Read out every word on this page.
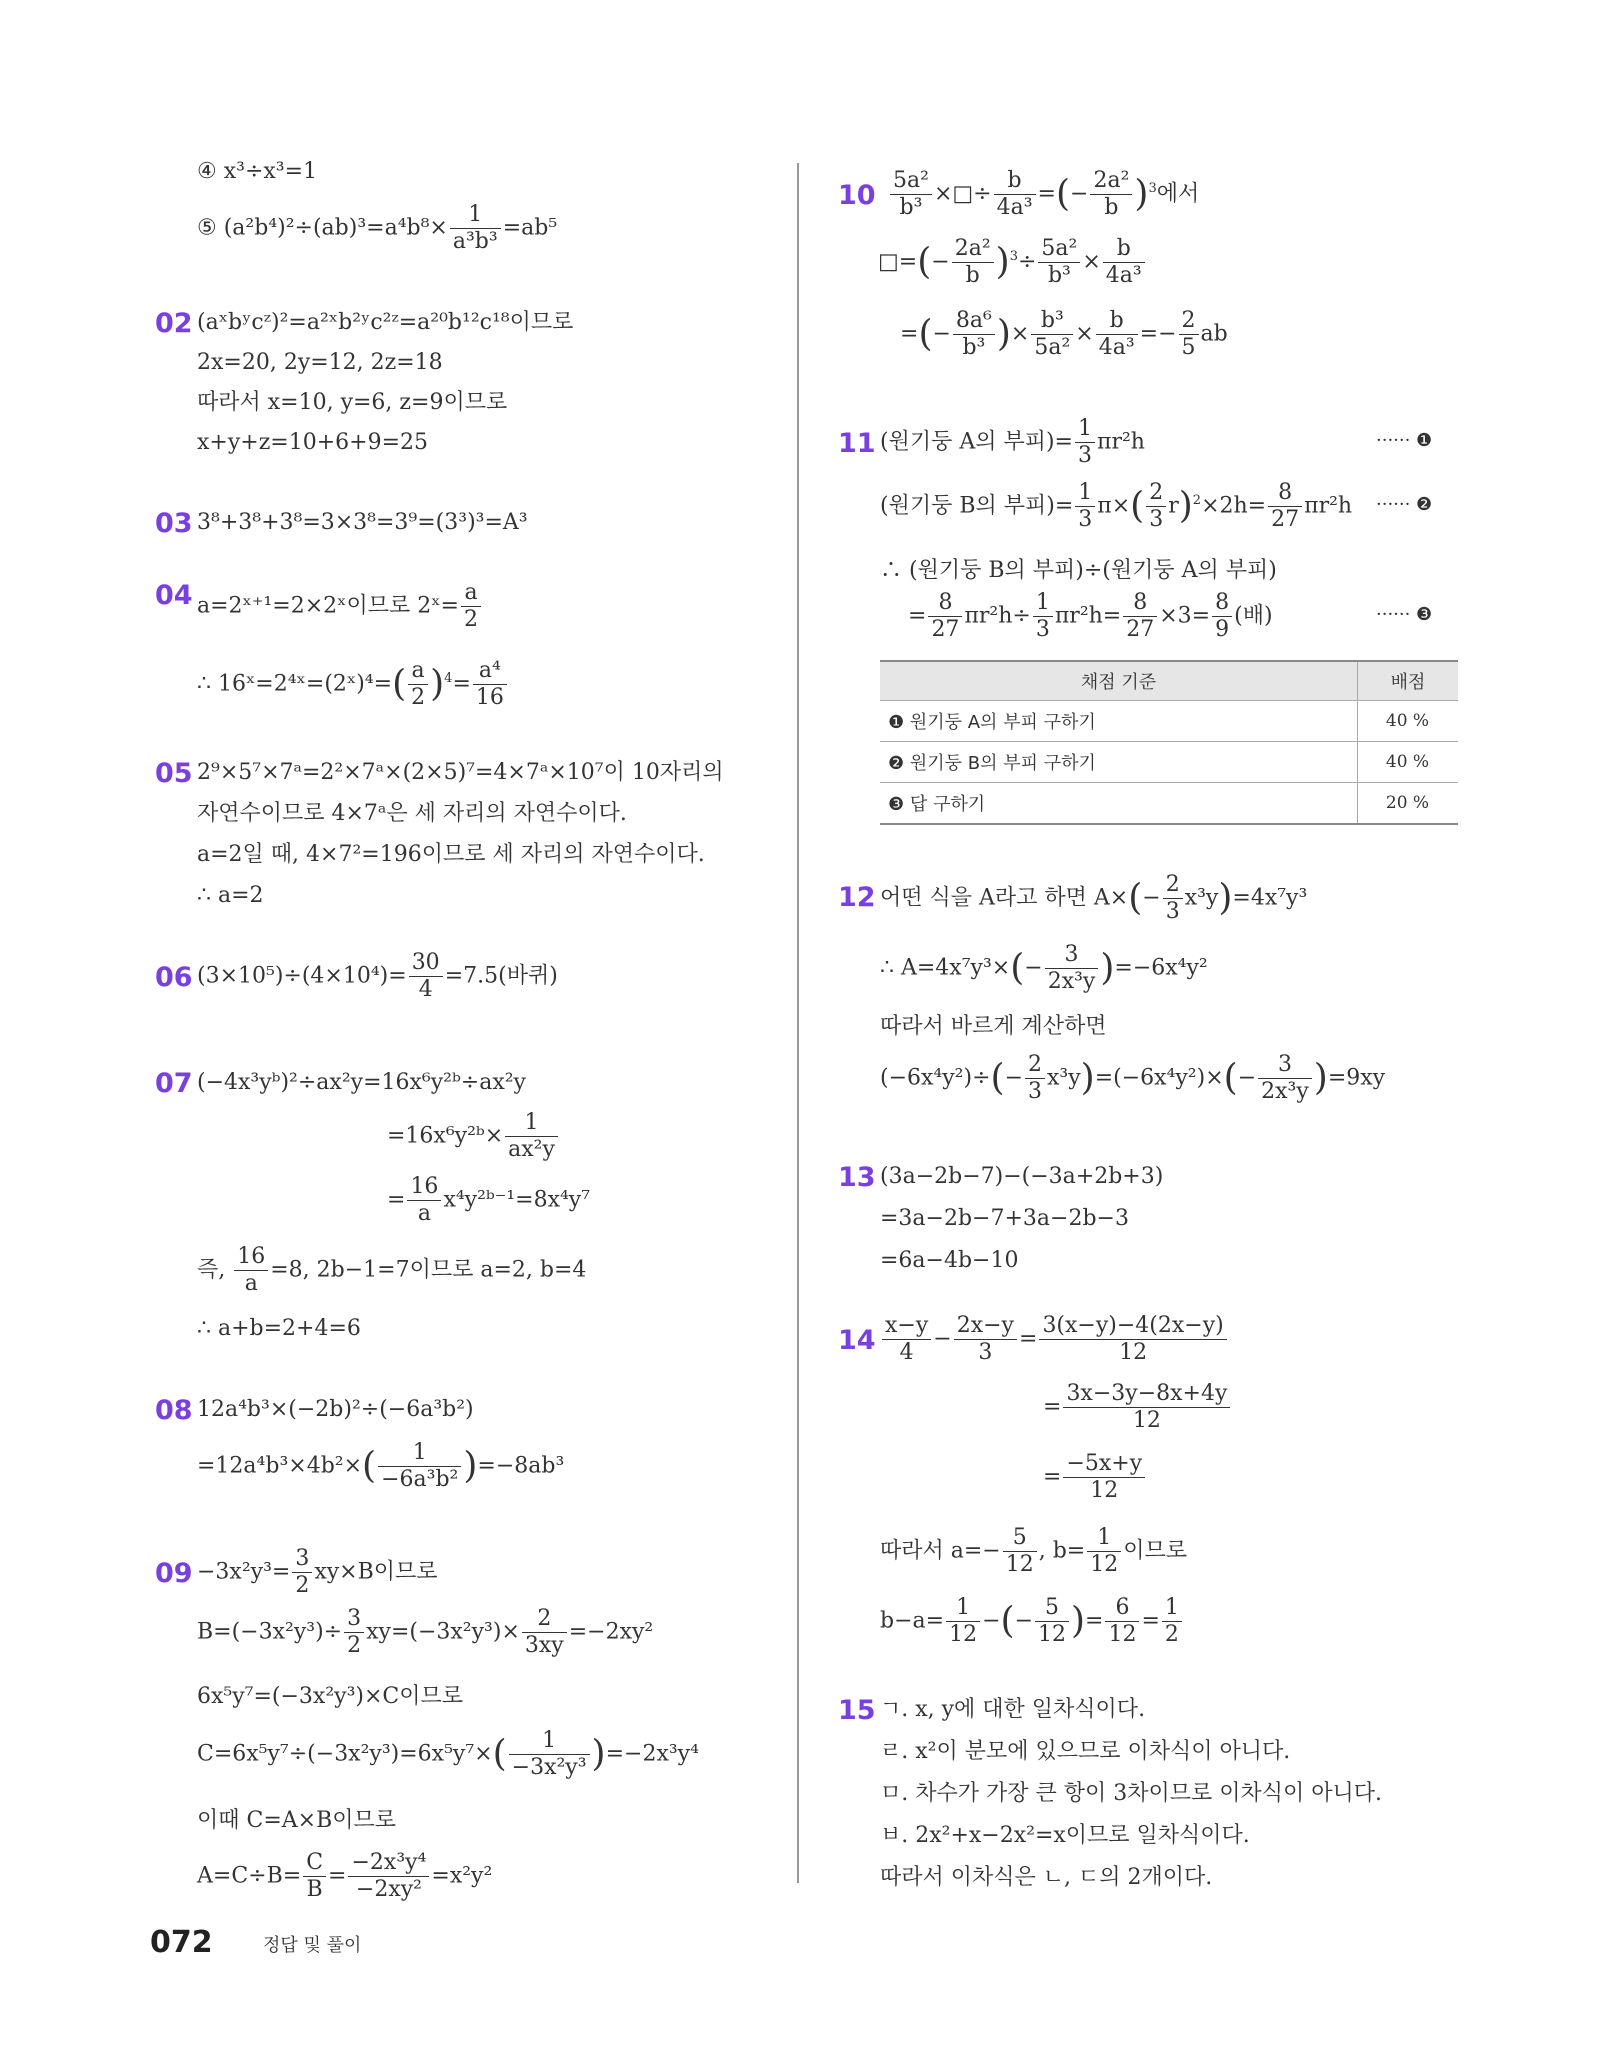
④ x³÷x³=1
⑤ $(a^2b^4)^2\div(ab)^3=a^4b^8\times \frac{1}{\text{a³b³}} =ab^5$
02 (aˣbʸcᶻ)²=a²ˣb²ʸc²ᶻ=a²⁰b¹²c¹⁸이므로
2x=20, 2y=12, 2z=18
따라서 x=10, y=6, z=9이므로
x+y+z=10+6+9=25
03 3⁸+3⁸+3⁸=3×3⁸=3⁹=(3³)³=A³
04 a=2ˣ⁺¹=2×2ˣ이므로 2ˣ= $\frac{a}{2}$
∴ 16ˣ=2⁴ˣ=(2ˣ)⁴=( $\frac{a}{2} )^4= \frac{\text{a⁴}}{16}$
05 2⁹×5⁷×7ᵃ=2²×7ᵃ×(2×5)⁷=4×7ᵃ×10⁷이 10자리의
자연수이므로 4×7ᵃ은 세 자리의 자연수이다.
a=2일 때, 4×7²=196이므로 세 자리의 자연수이다.
∴ a=2
06 $(3\times 10^5)\div(4\times 10^4)= \frac{30}{4} =7.5$(바퀴)
07 (−4x³yᵇ)²÷ax²y=16x⁶y²ᵇ÷ax²y
=16x⁶y²ᵇ× $\frac{1}{\text{ax²y}}$
= $\frac{16}{a}$ x⁴y²ᵇ⁻¹=8x⁴y⁷
즉, $\frac{16}{a} =8$, 2b−1=7이므로 a=2, b=4
∴ a+b=2+4=6
08 12a⁴b³×(−2b)²÷(−6a³b²)
$=12a^4b^3\times 4b^2\times( \frac{1}{\text{−6a³b²}} )=-8ab^3$
$09 -3x^2y^3= \frac{3}{2} xy\times B$이므로
$B=(-3x^2y^3)\div \frac{3}{2} xy=(-3x^2y^3)\times \frac{2}{3xy} =-2xy^2$
6x⁵y⁷=(−3x²y³)×C이므로
$C=6x^5y^7\div(-3x^2y^3)=6x^5y^7\times( \frac{1}{\text{−3x²y³}} )=-2x^3y^4$
이때 C=A×B이므로
$A=C\div B= \frac{C}{B} = \frac{\text{−2x³y⁴}}{\text{−2xy²}} =x^2y^2$
$10 \frac{\text{5a²}}{\text{b³}}$ ×□÷ $\frac{b}{\text{4a³}}$ =(− $\frac{\text{2a²}}{b} )^3$에서
□=(− $\frac{\text{2a²}}{b} )^3\div \frac{\text{5a²}}{\text{b³}} \times \frac{b}{\text{4a³}}$
=(− $\frac{\text{8a⁶}}{\text{b³}}$ )× $\frac{\text{b³}}{\text{5a²}} \times \frac{b}{\text{4a³}} =- \frac{2}{5}$ ab
11 (원기둥 A의 부피)= $\frac{1}{3} \pi r^2h$	······ ❶
(원기둥 B의 부피)= $\frac{1}{3} \pi\times( \frac{2}{3} r)^2\times 2h= \frac{8}{27} \pi r^2h$ ······ ❷
∴ (원기둥 B의 부피)÷(원기둥 A의 부피)
= $\frac{8}{27} \pi r^2h\div \frac{1}{3} \pi r^2h= \frac{8}{27} \times 3= \frac{8}{9}$ (배)	······ ❸
채점 기준	배점
❶ 원기둥 A의 부피 구하기	40 %
❷ 원기둥 B의 부피 구하기	40 %
❸ 답 구하기	20 %
12 어떤 식을 A라고 하면 $A\times(- \frac{2}{3} x^3y)=4x^7y^3$
∴ $A=4x^7y^3\times(- \frac{3}{\text{2x³y}} )=-6x^4y^2$
따라서 바르게 계산하면
$(-6x^4y^2)\div(- \frac{2}{3} x^3y)=(-6x^4y^2)\times(- \frac{3}{\text{2x³y}} )=9xy$
13 (3a−2b−7)−(−3a+2b+3)
=3a−2b−7+3a−2b−3
=6a−4b−10
$14 \frac{x-y}{4} - \frac{2x-y}{3} = \frac{3(x-y)-4(2x-y)}{12}$
= $\frac{3x-3y-8x+4y}{12}$
= $\frac{-5x+y}{12}$
따라서 $a=- \frac{5}{12}$ , $b= \frac{1}{12}$ 이므로
$b-a= \frac{1}{12}$ −(− $\frac{5}{12}$ )= $\frac{6}{12} = \frac{1}{2}$
15 ㄱ. x, y에 대한 일차식이다.
ㄹ. x²이 분모에 있으므로 이차식이 아니다.
ㅁ. 차수가 가장 큰 항이 3차이므로 이차식이 아니다.
ㅂ. 2x²+x−2x²=x이므로 일차식이다.
따라서 이차식은 ㄴ, ㄷ의 2개이다.
072	정답 및 풀이
